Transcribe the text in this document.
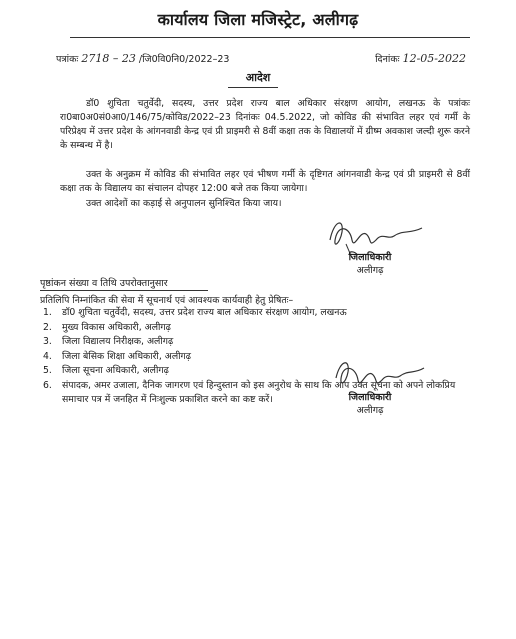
कार्यालय जिला मजिस्ट्रेट, अलीगढ़
पत्रांकः 2718 – 23 /जि0वि0नि0/2022–23	दिनांकः 12-05-2022
आदेश
डॉ0 शुचिता चतुर्वेदी, सदस्य, उत्तर प्रदेश राज्य बाल अधिकार संरक्षण आयोग, लखनऊ के पत्रांकः रा0बा0अ0सं0आ0/146/75/कोविड/2022–23 दिनांकः 04.5.2022, जो कोविड की संभावित लहर एवं गर्मी के परिप्रेक्ष्य में उत्तर प्रदेश के आंगनवाडी केन्द्र एवं प्री प्राइमरी से 8वीं कक्षा तक के विद्यालयों में ग्रीष्म अवकाश जल्दी शुरू करने के सम्बन्ध में है।
उक्त के अनुक्रम में कोविड की संभावित लहर एवं भीषण गर्मी के दृष्टिगत आंगनवाडी केन्द्र एवं प्री प्राइमरी से 8वीं कक्षा तक के विद्यालय का संचालन दोपहर 12:00 बजे तक किया जायेगा।
उक्त आदेशों का कड़ाई से अनुपालन सुनिश्चित किया जाय।
जिलाधिकारी
अलीगढ़
पृष्ठांकन संख्या व तिथि उपरोक्तानुसार
प्रतिलिपि निम्नांकित की सेवा में सूचनार्थ एवं आवश्यक कार्यवाही हेतु प्रेषितः–
1. डॉ0 शुचिता चतुर्वेदी, सदस्य, उत्तर प्रदेश राज्य बाल अधिकार संरक्षण आयोग, लखनऊ
2. मुख्य विकास अधिकारी, अलीगढ़
3. जिला विद्यालय निरीक्षक, अलीगढ़
4. जिला बेसिक शिक्षा अधिकारी, अलीगढ़
5. जिला सूचना अधिकारी, अलीगढ़
6. संपादक, अमर उजाला, दैनिक जागरण एवं हिन्दुस्तान को इस अनुरोध के साथ कि आप उक्त सूचना को अपने लोकप्रिय समाचार पत्र में जनहित में निःशुल्क प्रकाशित करने का कष्ट करें।	जिलाधिकारी
अलीगढ़
